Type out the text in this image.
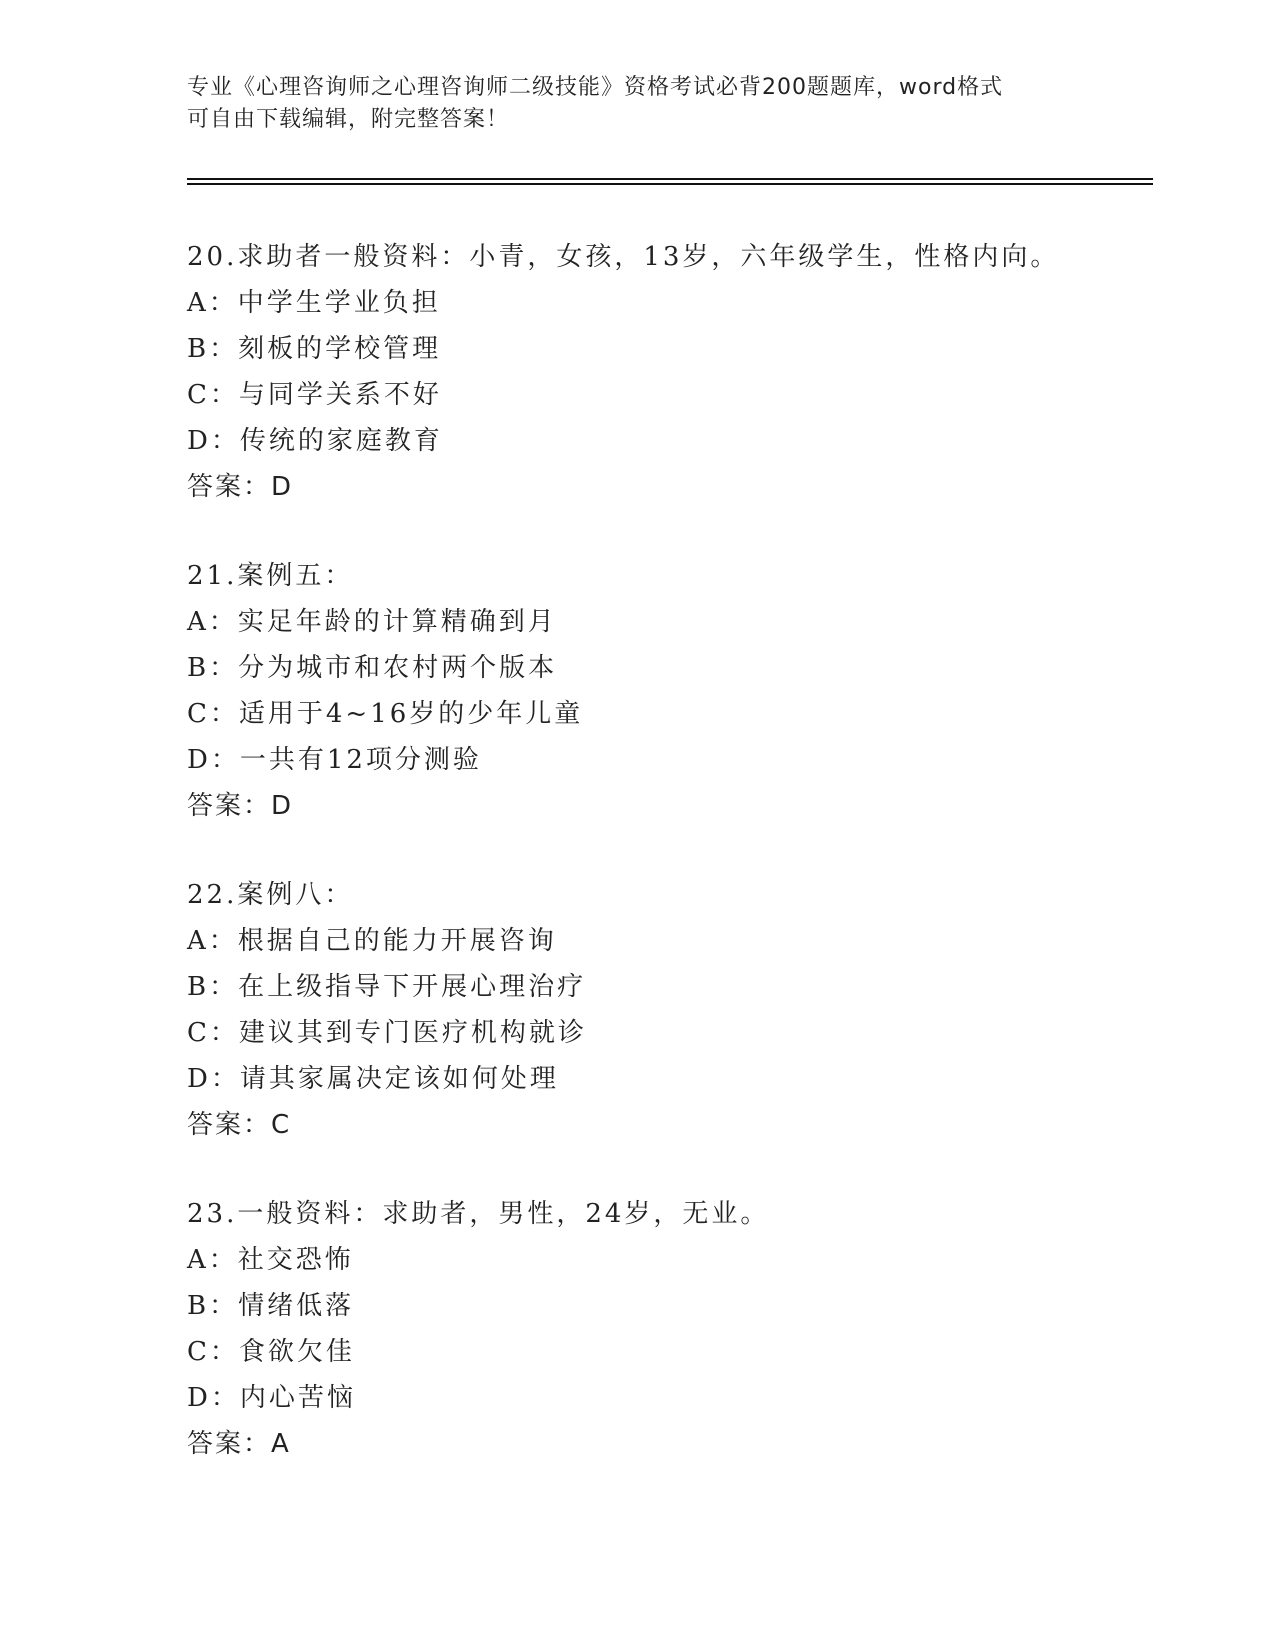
专业《心理咨询师之心理咨询师二级技能》资格考试必背200题题库，word格式
可自由下载编辑，附完整答案！
20.求助者一般资料：小青，女孩，13岁，六年级学生，性格内向。
A：中学生学业负担
B：刻板的学校管理
C：与同学关系不好
D：传统的家庭教育
答案：D
21.案例五：
A：实足年龄的计算精确到月
B：分为城市和农村两个版本
C：适用于4~16岁的少年儿童
D：一共有12项分测验
答案：D
22.案例八：
A：根据自己的能力开展咨询
B：在上级指导下开展心理治疗
C：建议其到专门医疗机构就诊
D：请其家属决定该如何处理
答案：C
23.一般资料：求助者，男性，24岁，无业。
A：社交恐怖
B：情绪低落
C：食欲欠佳
D：内心苦恼
答案：A
